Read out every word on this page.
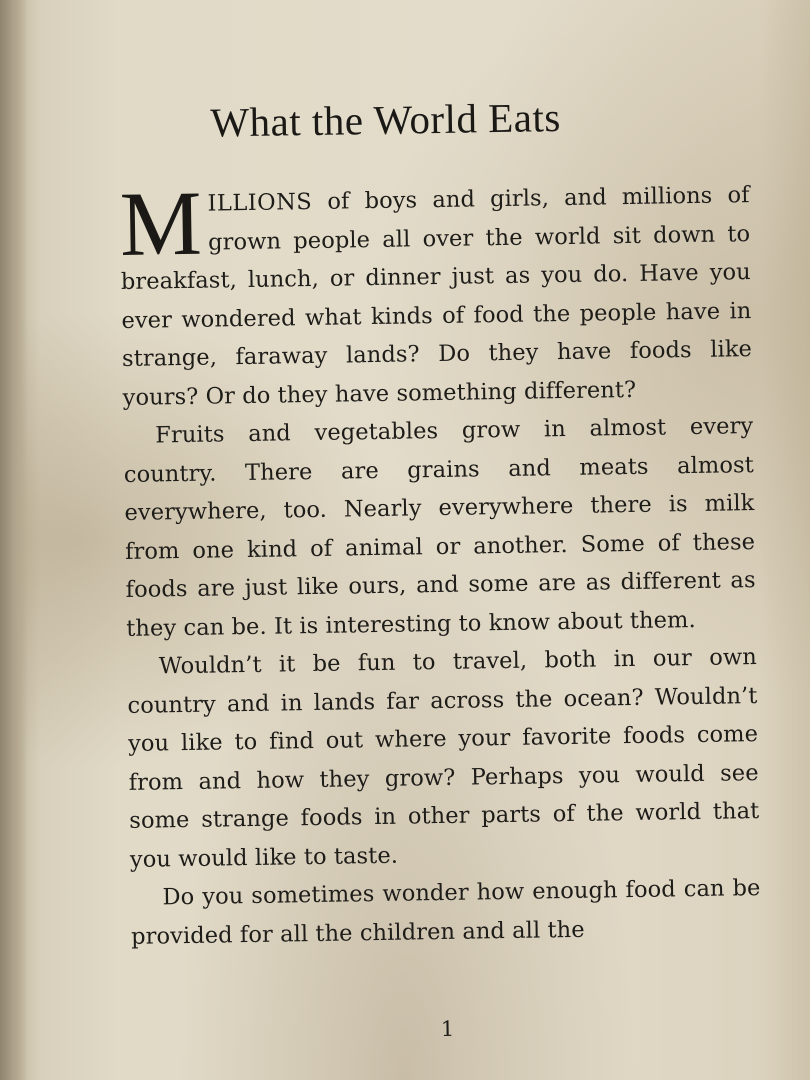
What the World Eats

MILLIONS of boys and girls, and millions of grown people all over the world sit down to breakfast, lunch, or dinner just as you do. Have you ever wondered what kinds of food the people have in strange, faraway lands? Do they have foods like yours? Or do they have something different?

Fruits and vegetables grow in almost every country. There are grains and meats almost everywhere, too. Nearly everywhere there is milk from one kind of animal or another. Some of these foods are just like ours, and some are as different as they can be. It is interesting to know about them.

Wouldn’t it be fun to travel, both in our own country and in lands far across the ocean? Wouldn’t you like to find out where your favorite foods come from and how they grow? Perhaps you would see some strange foods in other parts of the world that you would like to taste.

Do you sometimes wonder how enough food can be provided for all the children and all the

1
